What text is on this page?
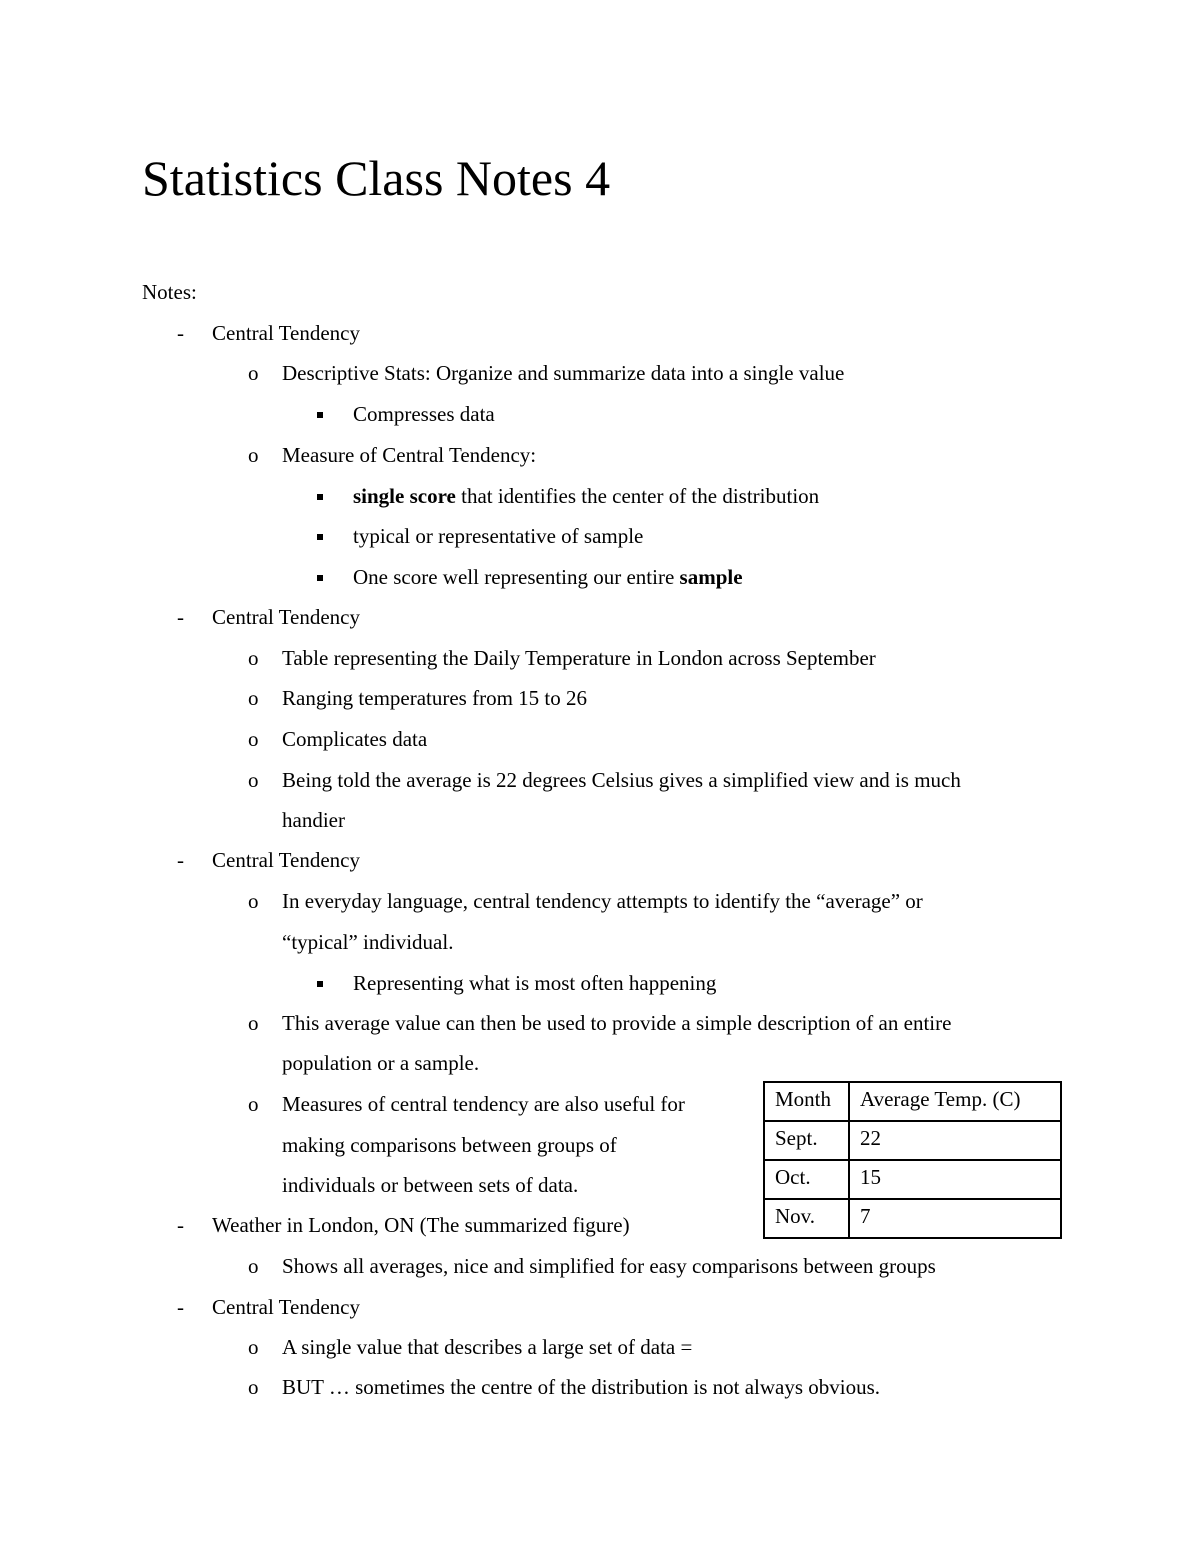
Statistics Class Notes 4
Notes:
- Central Tendency
o Descriptive Stats: Organize and summarize data into a single value
Compresses data
o Measure of Central Tendency:
single score that identifies the center of the distribution
typical or representative of sample
One score well representing our entire sample
- Central Tendency
o Table representing the Daily Temperature in London across September
o Ranging temperatures from 15 to 26
o Complicates data
o Being told the average is 22 degrees Celsius gives a simplified view and is much
handier
- Central Tendency
o In everyday language, central tendency attempts to identify the “average” or
“typical” individual.
Representing what is most often happening
o This average value can then be used to provide a simple description of an entire
population or a sample.
o Measures of central tendency are also useful for
making comparisons between groups of
individuals or between sets of data.
- Weather in London, ON (The summarized figure)
o Shows all averages, nice and simplified for easy comparisons between groups
- Central Tendency
o A single value that describes a large set of data =
o BUT … sometimes the centre of the distribution is not always obvious.
Month	Average Temp. (C)
Sept.	22
Oct.	15
Nov.	7
